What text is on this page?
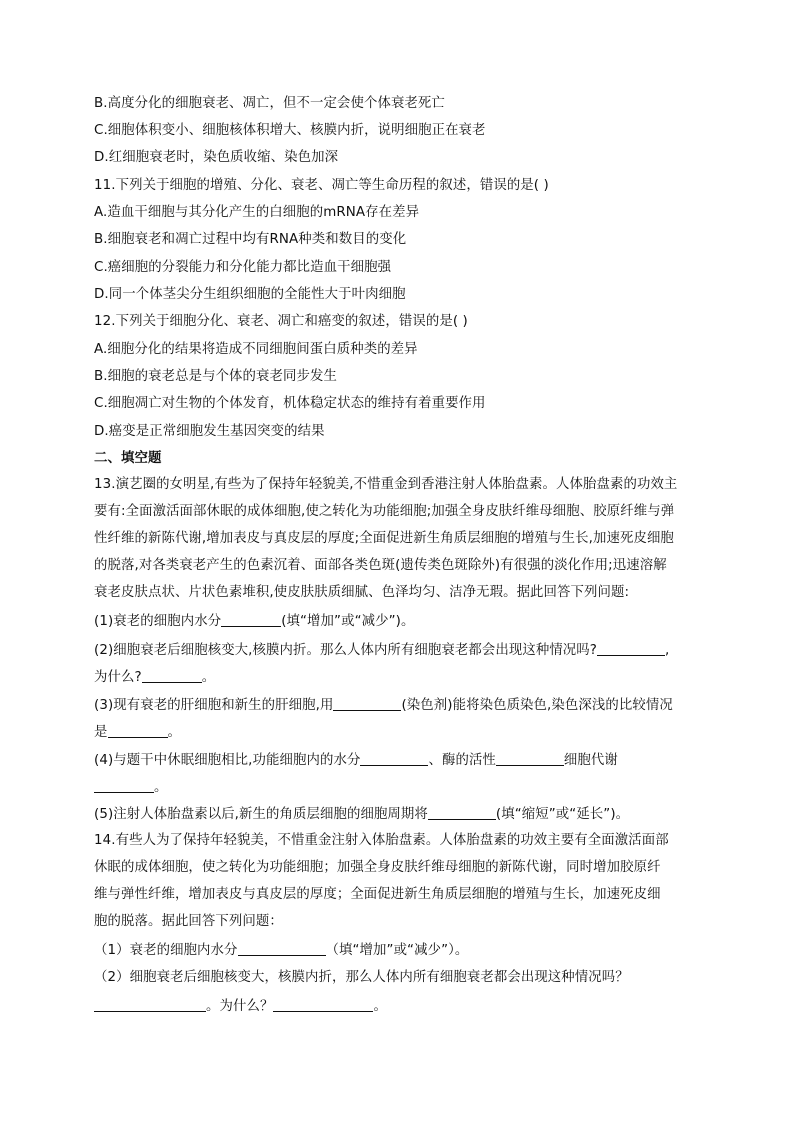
B.高度分化的细胞衰老、凋亡，但不一定会使个体衰老死亡
C.细胞体积变小、细胞核体积增大、核膜内折，说明细胞正在衰老
D.红细胞衰老时，染色质收缩、染色加深
11.下列关于细胞的增殖、分化、衰老、凋亡等生命历程的叙述，错误的是( )
A.造血干细胞与其分化产生的白细胞的mRNA存在差异
B.细胞衰老和凋亡过程中均有RNA种类和数目的变化
C.癌细胞的分裂能力和分化能力都比造血干细胞强
D.同一个体茎尖分生组织细胞的全能性大于叶肉细胞
12.下列关于细胞分化、衰老、凋亡和癌变的叙述，错误的是( )
A.细胞分化的结果将造成不同细胞间蛋白质种类的差异
B.细胞的衰老总是与个体的衰老同步发生
C.细胞凋亡对生物的个体发育，机体稳定状态的维持有着重要作用
D.癌变是正常细胞发生基因突变的结果
二、填空题
13.演艺圈的女明星,有些为了保持年轻貌美,不惜重金到香港注射人体胎盘素。人体胎盘素的功效主
要有:全面激活面部休眠的成体细胞,使之转化为功能细胞;加强全身皮肤纤维母细胞、胶原纤维与弹
性纤维的新陈代谢,增加表皮与真皮层的厚度;全面促进新生角质层细胞的增殖与生长,加速死皮细胞
的脱落,对各类衰老产生的色素沉着、面部各类色斑(遗传类色斑除外)有很强的淡化作用;迅速溶解
衰老皮肤点状、片状色素堆积,使皮肤肤质细腻、色泽均匀、洁净无瑕。据此回答下列问题:
(1)衰老的细胞内水分	(填“增加”或“减少”)。
(2)细胞衰老后细胞核变大,核膜内折。那么人体内所有细胞衰老都会出现这种情况吗?	,
为什么?	。
(3)现有衰老的肝细胞和新生的肝细胞,用	(染色剂)能将染色质染色,染色深浅的比较情况
是	。
(4)与题干中休眠细胞相比,功能细胞内的水分	、酶的活性	细胞代谢
。
(5)注射人体胎盘素以后,新生的角质层细胞的细胞周期将	(填“缩短”或“延长”)。
14.有些人为了保持年轻貌美，不惜重金注射入体胎盘素。人体胎盘素的功效主要有全面激活面部
休眠的成体细胞，使之转化为功能细胞；加强全身皮肤纤维母细胞的新陈代谢，同时增加胶原纤
维与弹性纤维，增加表皮与真皮层的厚度；全面促进新生角质层细胞的增殖与生长，加速死皮细
胞的脱落。据此回答下列问题：
（1）衰老的细胞内水分	（填“增加”或“减少”）。
（2）细胞衰老后细胞核变大，核膜内折，那么人体内所有细胞衰老都会出现这种情况吗？
。为什么？	。
